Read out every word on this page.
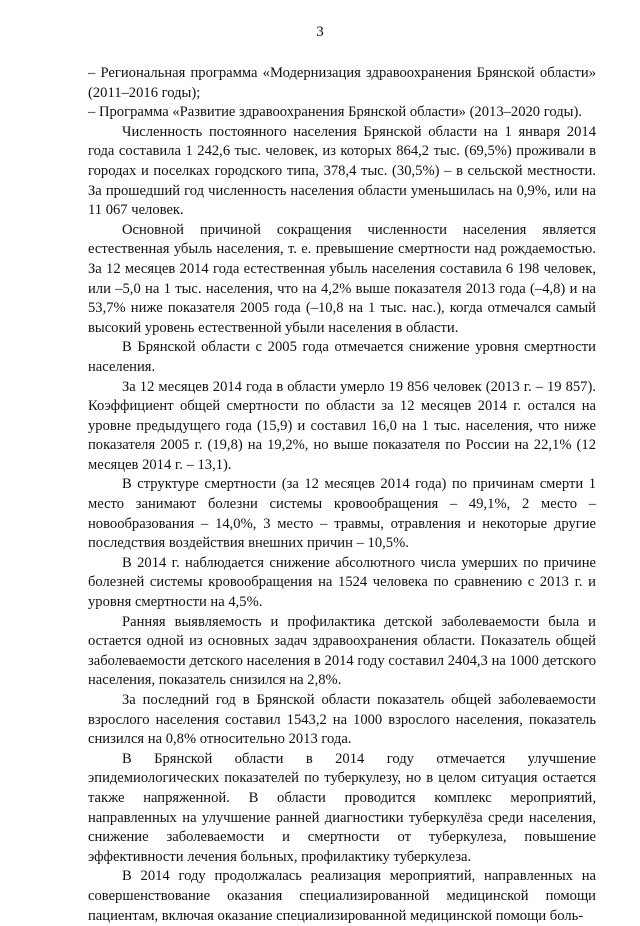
3

– Региональная программа «Модернизация здравоохранения Брянской области» (2011–2016 годы);

– Программа «Развитие здравоохранения Брянской области» (2013–2020 годы).

Численность постоянного населения Брянской области на 1 января 2014 года составила 1 242,6 тыс. человек, из которых 864,2 тыс. (69,5%) проживали в городах и поселках городского типа, 378,4 тыс. (30,5%) – в сельской местности. За прошедший год численность населения области уменьшилась на 0,9%, или на 11 067 человек.

Основной причиной сокращения численности населения является естественная убыль населения, т. е. превышение смертности над рождаемостью. За 12 месяцев 2014 года естественная убыль населения составила 6 198 человек, или –5,0 на 1 тыс. населения, что на 4,2% выше показателя 2013 года (–4,8) и на 53,7% ниже показателя 2005 года (–10,8 на 1 тыс. нас.), когда отмечался самый высокий уровень естественной убыли населения в области.

В Брянской области с 2005 года отмечается снижение уровня смертности населения.

За 12 месяцев 2014 года в области умерло 19 856 человек (2013 г. – 19 857). Коэффициент общей смертности по области за 12 месяцев 2014 г. остался на уровне предыдущего года (15,9) и составил 16,0 на 1 тыс. населения, что ниже показателя 2005 г. (19,8) на 19,2%, но выше показателя по России на 22,1% (12 месяцев 2014 г. – 13,1).

В структуре смертности (за 12 месяцев 2014 года) по причинам смерти 1 место занимают болезни системы кровообращения – 49,1%, 2 место – новообразования – 14,0%, 3 место – травмы, отравления и некоторые другие последствия воздействия внешних причин – 10,5%.

В 2014 г. наблюдается снижение абсолютного числа умерших по причине болезней системы кровообращения на 1524 человека по сравнению с 2013 г. и уровня смертности на 4,5%.

Ранняя выявляемость и профилактика детской заболеваемости была и остается одной из основных задач здравоохранения области. Показатель общей заболеваемости детского населения в 2014 году составил 2404,3 на 1000 детского населения, показатель снизился на 2,8%.

За последний год в Брянской области показатель общей заболеваемости взрослого населения составил 1543,2 на 1000 взрослого населения, показатель снизился на 0,8% относительно 2013 года.

В Брянской области в 2014 году отмечается улучшение эпидемиологических показателей по туберкулезу, но в целом ситуация остается также напряженной. В области проводится комплекс мероприятий, направленных на улучшение ранней диагностики туберкулёза среди населения, снижение заболеваемости и смертности от туберкулеза, повышение эффективности лечения больных, профилактику туберкулеза.

В 2014 году продолжалась реализация мероприятий, направленных на совершенствование оказания специализированной медицинской помощи пациентам, включая оказание специализированной медицинской помощи боль-
